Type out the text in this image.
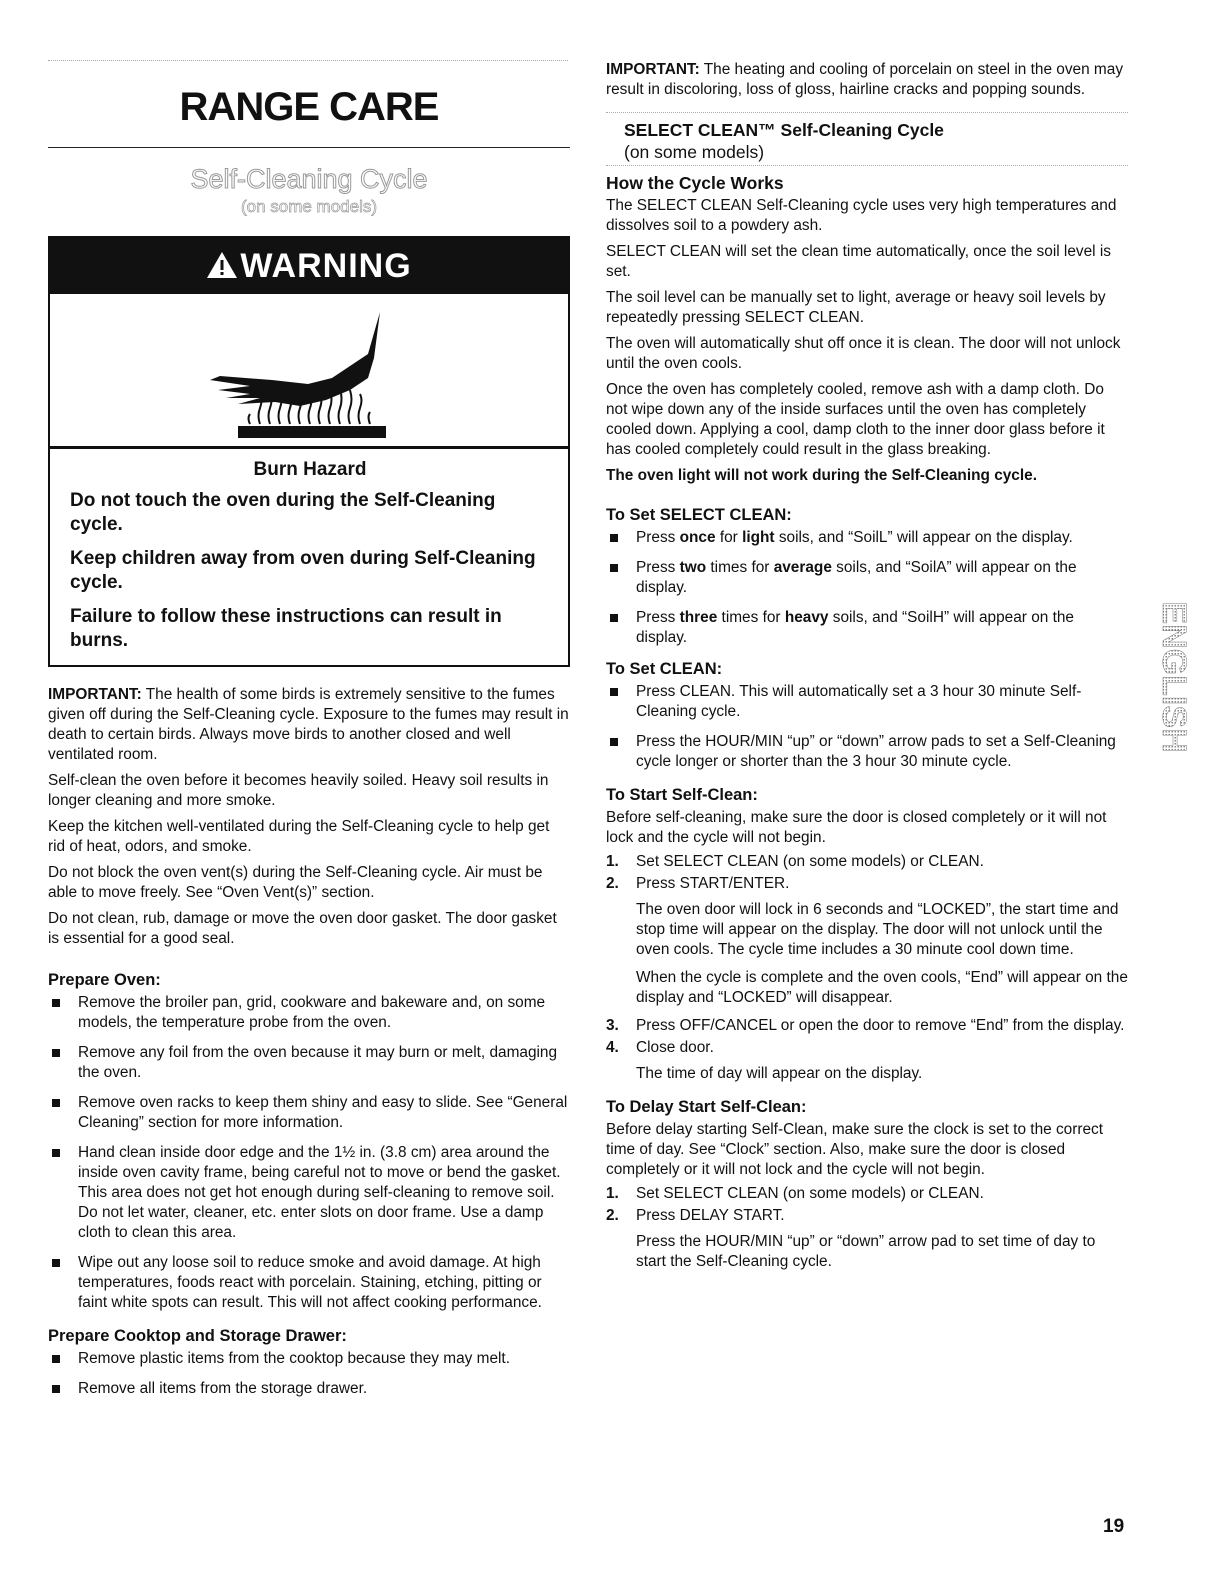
RANGE CARE
Self-Cleaning Cycle
(on some models)
WARNING
Burn Hazard

Do not touch the oven during the Self-Cleaning cycle.

Keep children away from oven during Self-Cleaning cycle.

Failure to follow these instructions can result in burns.

IMPORTANT: The health of some birds is extremely sensitive to the fumes given off during the Self-Cleaning cycle. Exposure to the fumes may result in death to certain birds. Always move birds to another closed and well ventilated room.

Self-clean the oven before it becomes heavily soiled. Heavy soil results in longer cleaning and more smoke.

Keep the kitchen well-ventilated during the Self-Cleaning cycle to help get rid of heat, odors, and smoke.

Do not block the oven vent(s) during the Self-Cleaning cycle. Air must be able to move freely. See “Oven Vent(s)” section.

Do not clean, rub, damage or move the oven door gasket. The door gasket is essential for a good seal.

Prepare Oven:
Remove the broiler pan, grid, cookware and bakeware and, on some models, the temperature probe from the oven.
Remove any foil from the oven because it may burn or melt, damaging the oven.
Remove oven racks to keep them shiny and easy to slide. See “General Cleaning” section for more information.
Hand clean inside door edge and the 1½ in. (3.8 cm) area around the inside oven cavity frame, being careful not to move or bend the gasket. This area does not get hot enough during self-cleaning to remove soil. Do not let water, cleaner, etc. enter slots on door frame. Use a damp cloth to clean this area.
Wipe out any loose soil to reduce smoke and avoid damage. At high temperatures, foods react with porcelain. Staining, etching, pitting or faint white spots can result. This will not affect cooking performance.
Prepare Cooktop and Storage Drawer:
Remove plastic items from the cooktop because they may melt.
Remove all items from the storage drawer.

IMPORTANT: The heating and cooling of porcelain on steel in the oven may result in discoloring, loss of gloss, hairline cracks and popping sounds.

SELECT CLEAN™ Self-Cleaning Cycle
(on some models)
How the Cycle Works

The SELECT CLEAN Self-Cleaning cycle uses very high temperatures and dissolves soil to a powdery ash.

SELECT CLEAN will set the clean time automatically, once the soil level is set.

The soil level can be manually set to light, average or heavy soil levels by repeatedly pressing SELECT CLEAN.

The oven will automatically shut off once it is clean. The door will not unlock until the oven cools.

Once the oven has completely cooled, remove ash with a damp cloth. Do not wipe down any of the inside surfaces until the oven has completely cooled down. Applying a cool, damp cloth to the inner door glass before it has cooled completely could result in the glass breaking.

The oven light will not work during the Self-Cleaning cycle.

To Set SELECT CLEAN:
Press once for light soils, and “SoilL” will appear on the display.
Press two times for average soils, and “SoilA” will appear on the display.
Press three times for heavy soils, and “SoilH” will appear on the display.
To Set CLEAN:
Press CLEAN. This will automatically set a 3 hour 30 minute Self-Cleaning cycle.
Press the HOUR/MIN “up” or “down” arrow pads to set a Self-Cleaning cycle longer or shorter than the 3 hour 30 minute cycle.
To Start Self-Clean:

Before self-cleaning, make sure the door is closed completely or it will not lock and the cycle will not begin.

1. Set SELECT CLEAN (on some models) or CLEAN.
2. Press START/ENTER.

The oven door will lock in 6 seconds and “LOCKED”, the start time and stop time will appear on the display. The door will not unlock until the oven cools. The cycle time includes a 30 minute cool down time.

When the cycle is complete and the oven cools, “End” will appear on the display and “LOCKED” will disappear.

3. Press OFF/CANCEL or open the door to remove “End” from the display.
4. Close door.

The time of day will appear on the display.

To Delay Start Self-Clean:

Before delay starting Self-Clean, make sure the clock is set to the correct time of day. See “Clock” section. Also, make sure the door is closed completely or it will not lock and the cycle will not begin.

1. Set SELECT CLEAN (on some models) or CLEAN.
2. Press DELAY START.

Press the HOUR/MIN “up” or “down” arrow pad to set time of day to start the Self-Cleaning cycle.

ENGLISH
19
